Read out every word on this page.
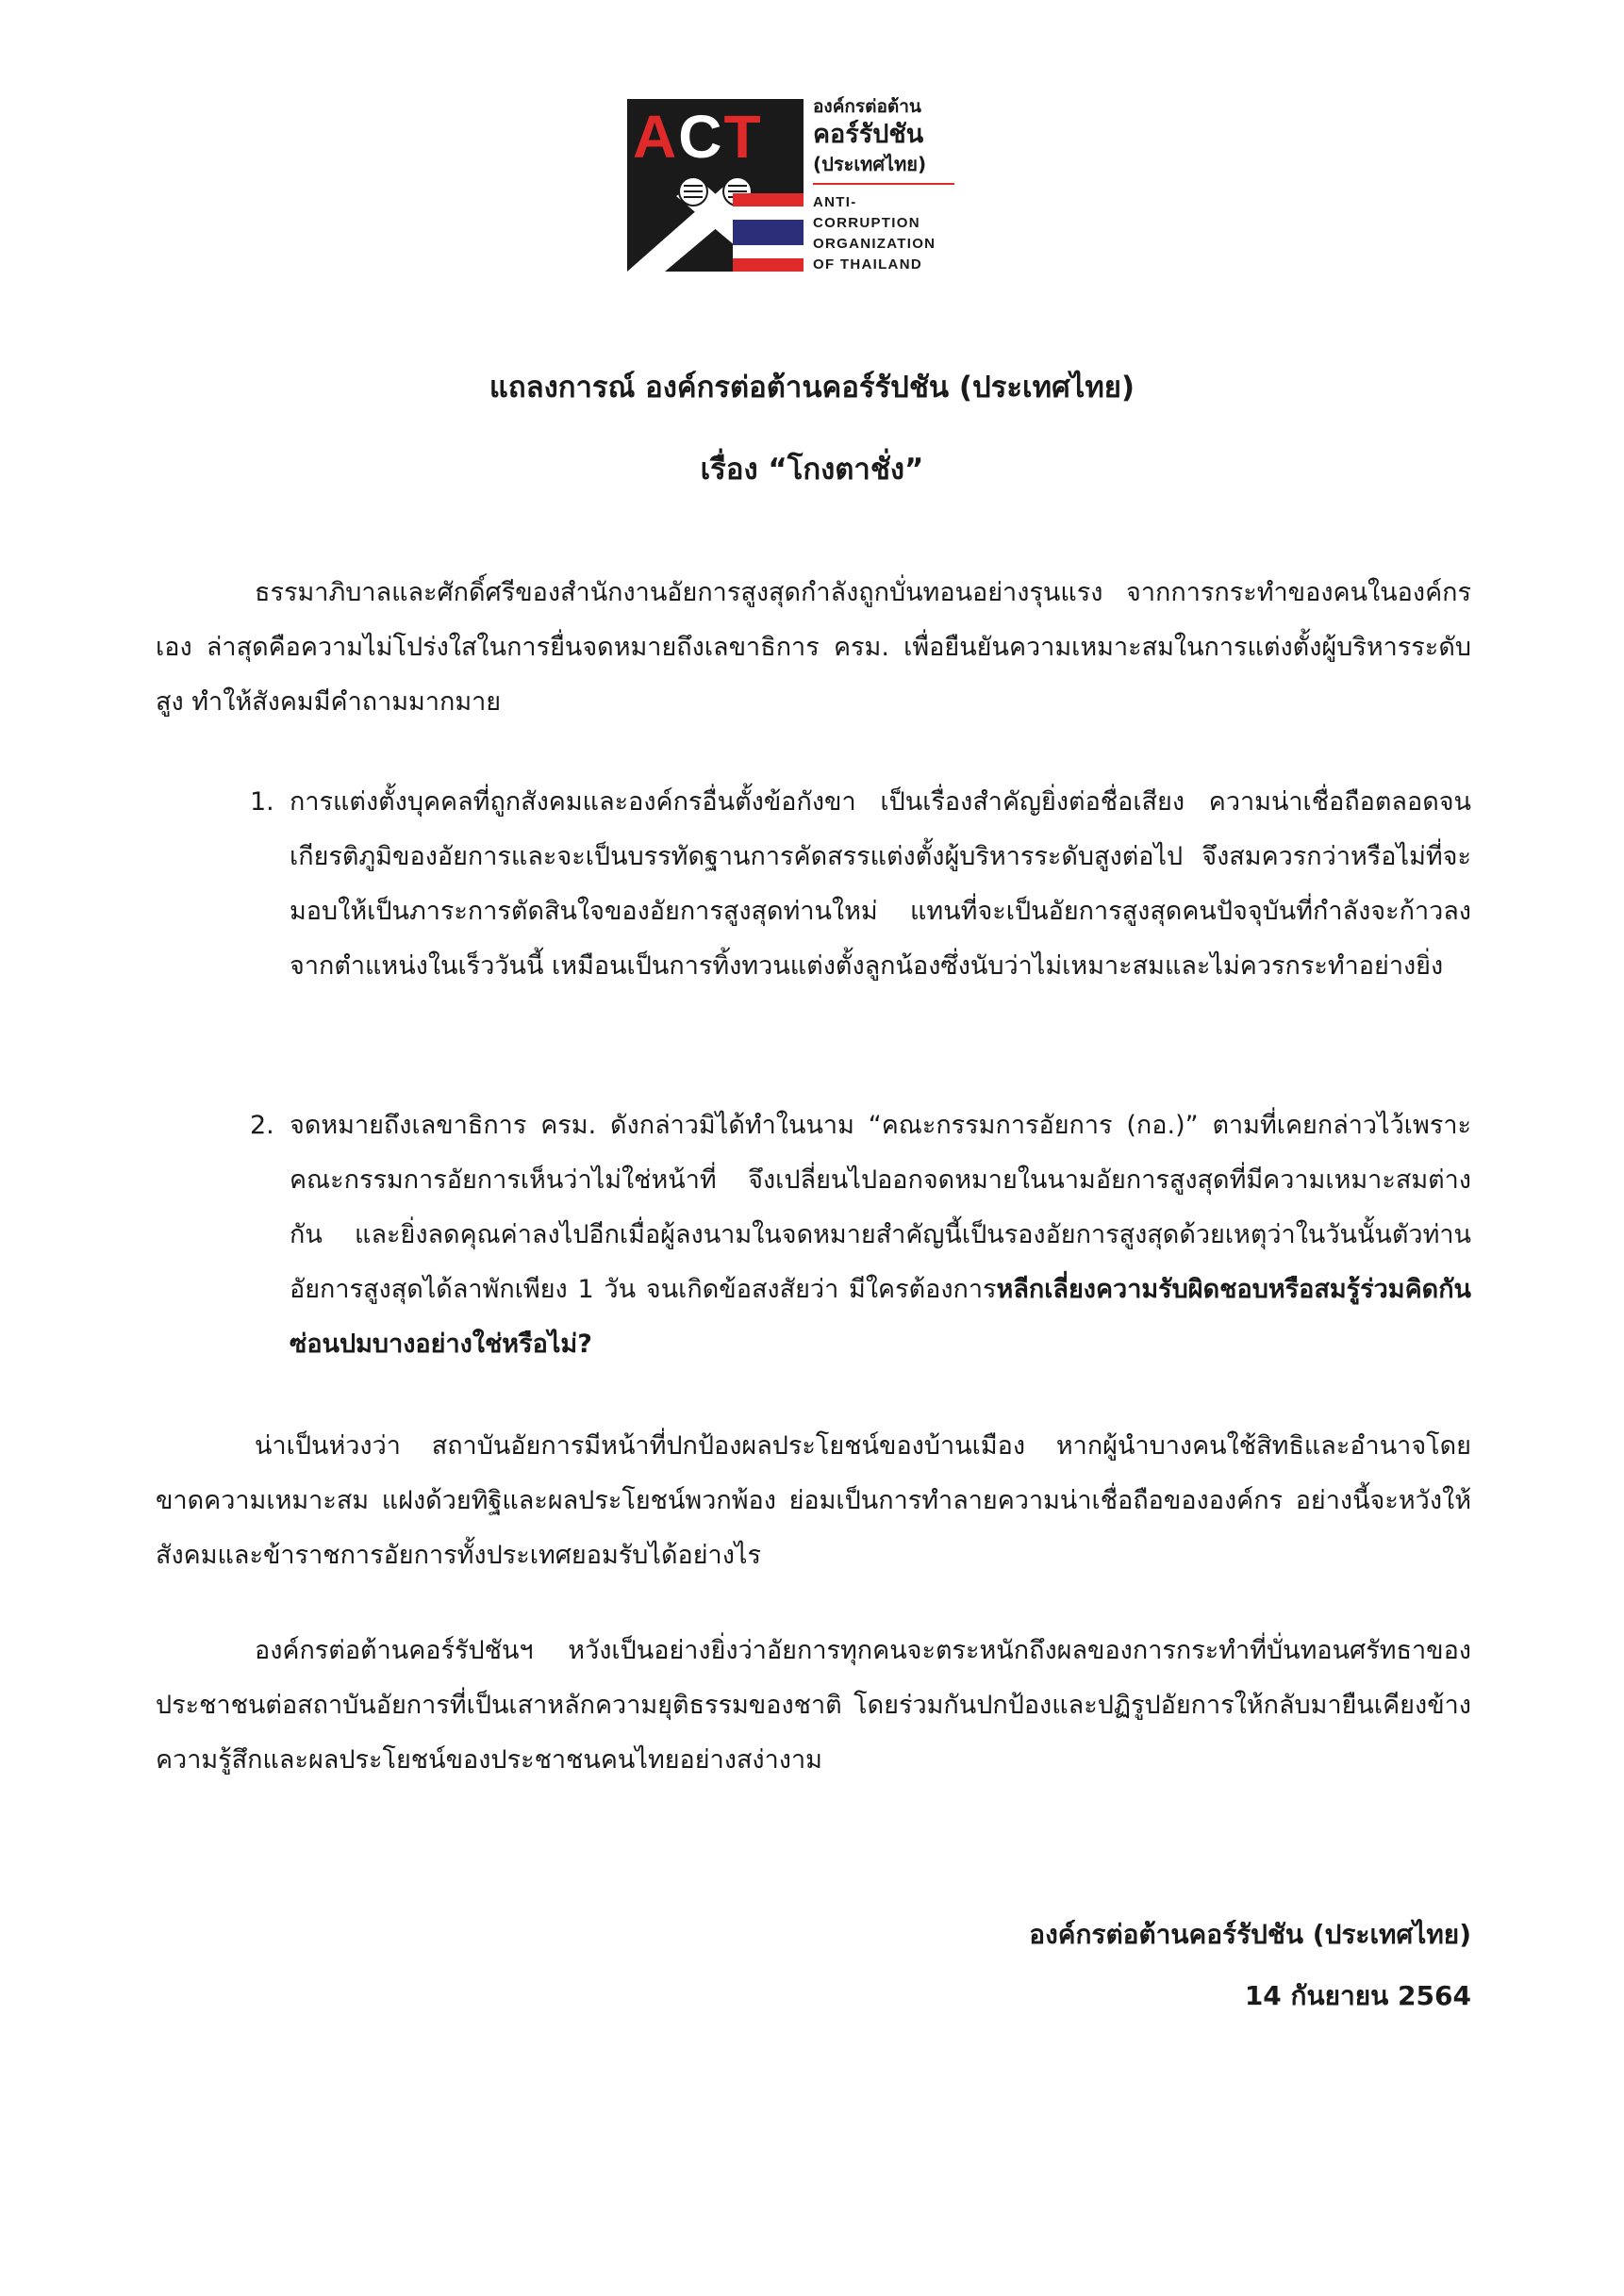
ACT	องค์กรต่อต้าน
คอร์รัปชัน
(ประเทศไทย)
ANTI-CORRUPTION
ORGANIZATION
OF THAILAND
แถลงการณ์ องค์กรต่อต้านคอร์รัปชัน (ประเทศไทย)
เรื่อง “โกงตาชั่ง”

ธรรมาภิบาลและศักดิ์ศรีของสำนักงานอัยการสูงสุดกำลังถูกบั่นทอนอย่างรุนแรง จากการกระทำของคนในองค์กรเอง ล่าสุดคือความไม่โปร่งใสในการยื่นจดหมายถึงเลขาธิการ ครม. เพื่อยืนยันความเหมาะสมในการแต่งตั้งผู้บริหารระดับสูง ทำให้สังคมมีคำถามมากมาย

1. การแต่งตั้งบุคคลที่ถูกสังคมและองค์กรอื่นตั้งข้อกังขา เป็นเรื่องสำคัญยิ่งต่อชื่อเสียง ความน่าเชื่อถือตลอดจนเกียรติภูมิของอัยการและจะเป็นบรรทัดฐานการคัดสรรแต่งตั้งผู้บริหารระดับสูงต่อไป จึงสมควรกว่าหรือไม่ที่จะมอบให้เป็นภาระการตัดสินใจของอัยการสูงสุดท่านใหม่ แทนที่จะเป็นอัยการสูงสุดคนปัจจุบันที่กำลังจะก้าวลงจากตำแหน่งในเร็ววันนี้ เหมือนเป็นการทิ้งทวนแต่งตั้งลูกน้องซึ่งนับว่าไม่เหมาะสมและไม่ควรกระทำอย่างยิ่ง

2. จดหมายถึงเลขาธิการ ครม. ดังกล่าวมิได้ทำในนาม “คณะกรรมการอัยการ (กอ.)” ตามที่เคยกล่าวไว้เพราะคณะกรรมการอัยการเห็นว่าไม่ใช่หน้าที่ จึงเปลี่ยนไปออกจดหมายในนามอัยการสูงสุดที่มีความเหมาะสมต่างกัน และยิ่งลดคุณค่าลงไปอีกเมื่อผู้ลงนามในจดหมายสำคัญนี้เป็นรองอัยการสูงสุดด้วยเหตุว่าในวันนั้นตัวท่านอัยการสูงสุดได้ลาพักเพียง 1 วัน จนเกิดข้อสงสัยว่า มีใครต้องการหลีกเลี่ยงความรับผิดชอบหรือสมรู้ร่วมคิดกันซ่อนปมบางอย่างใช่หรือไม่?

น่าเป็นห่วงว่า สถาบันอัยการมีหน้าที่ปกป้องผลประโยชน์ของบ้านเมือง หากผู้นำบางคนใช้สิทธิและอำนาจโดยขาดความเหมาะสม แฝงด้วยทิฐิและผลประโยชน์พวกพ้อง ย่อมเป็นการทำลายความน่าเชื่อถือขององค์กร อย่างนี้จะหวังให้สังคมและข้าราชการอัยการทั้งประเทศยอมรับได้อย่างไร

องค์กรต่อต้านคอร์รัปชันฯ หวังเป็นอย่างยิ่งว่าอัยการทุกคนจะตระหนักถึงผลของการกระทำที่บั่นทอนศรัทธาของประชาชนต่อสถาบันอัยการที่เป็นเสาหลักความยุติธรรมของชาติ โดยร่วมกันปกป้องและปฏิรูปอัยการให้กลับมายืนเคียงข้างความรู้สึกและผลประโยชน์ของประชาชนคนไทยอย่างสง่างาม

องค์กรต่อต้านคอร์รัปชัน (ประเทศไทย)
14 กันยายน 2564
